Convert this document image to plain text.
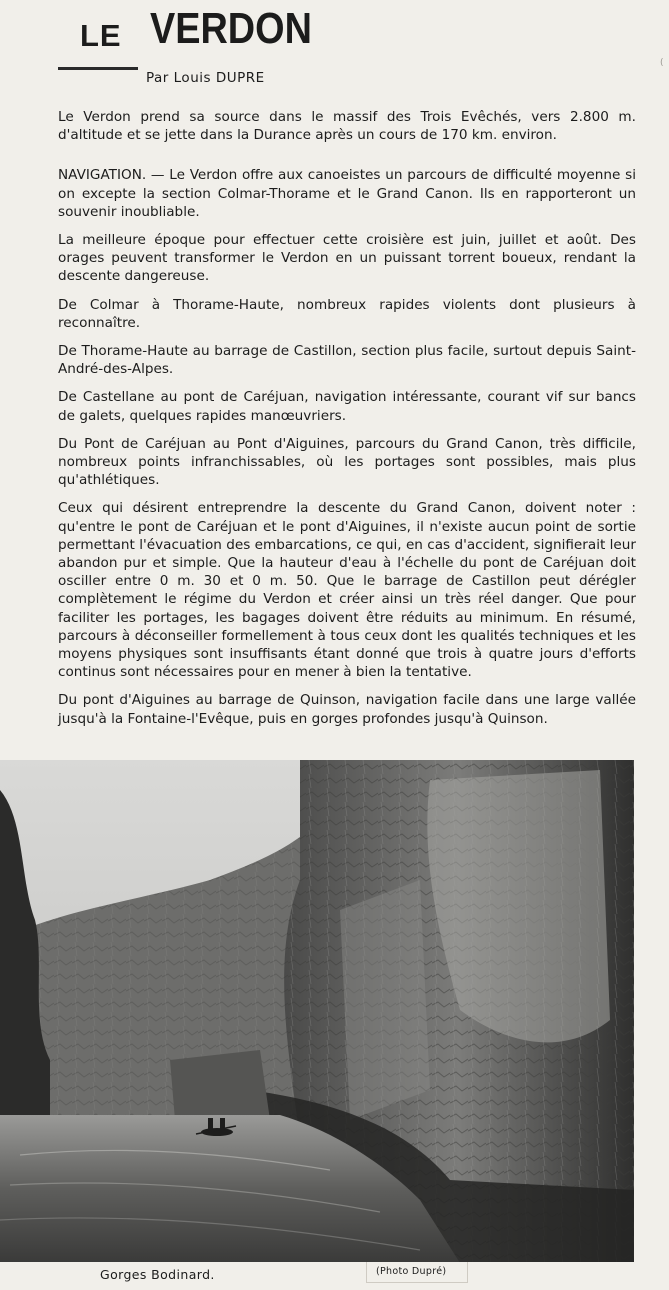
LE VERDON
Par Louis DUPRE
(

Le Verdon prend sa source dans le massif des Trois Evêchés, vers 2.800 m. d'altitude et se jette dans la Durance après un cours de 170 km. environ.

NAVIGATION. — Le Verdon offre aux canoeistes un parcours de difficulté moyenne si on excepte la section Colmar-Thorame et le Grand Canon. Ils en rapporteront un souvenir inoubliable.

La meilleure époque pour effectuer cette croisière est juin, juillet et août. Des orages peuvent transformer le Verdon en un puissant torrent boueux, rendant la descente dangereuse.

De Colmar à Thorame-Haute, nombreux rapides violents dont plusieurs à reconnaître.

De Thorame-Haute au barrage de Castillon, section plus facile, surtout depuis Saint-André-des-Alpes.

De Castellane au pont de Caréjuan, navigation intéressante, courant vif sur bancs de galets, quelques rapides manœuvriers.

Du Pont de Caréjuan au Pont d'Aiguines, parcours du Grand Canon, très difficile, nombreux points infranchissables, où les portages sont possibles, mais plus qu'athlétiques.

Ceux qui désirent entreprendre la descente du Grand Canon, doivent noter : qu'entre le pont de Caréjuan et le pont d'Aiguines, il n'existe aucun point de sortie permettant l'évacuation des embarcations, ce qui, en cas d'accident, signifierait leur abandon pur et simple. Que la hauteur d'eau à l'échelle du pont de Caréjuan doit osciller entre 0 m. 30 et 0 m. 50. Que le barrage de Castillon peut dérégler complètement le régime du Verdon et créer ainsi un très réel danger. Que pour faciliter les portages, les bagages doivent être réduits au minimum. En résumé, parcours à déconseiller formellement à tous ceux dont les qualités techniques et les moyens physiques sont insuffisants étant donné que trois à quatre jours d'efforts continus sont nécessaires pour en mener à bien la tentative.

Du pont d'Aiguines au barrage de Quinson, navigation facile dans une large vallée jusqu'à la Fontaine-l'Evêque, puis en gorges profondes jusqu'à Quinson.

Gorges Bodinard.	(Photo Dupré)
